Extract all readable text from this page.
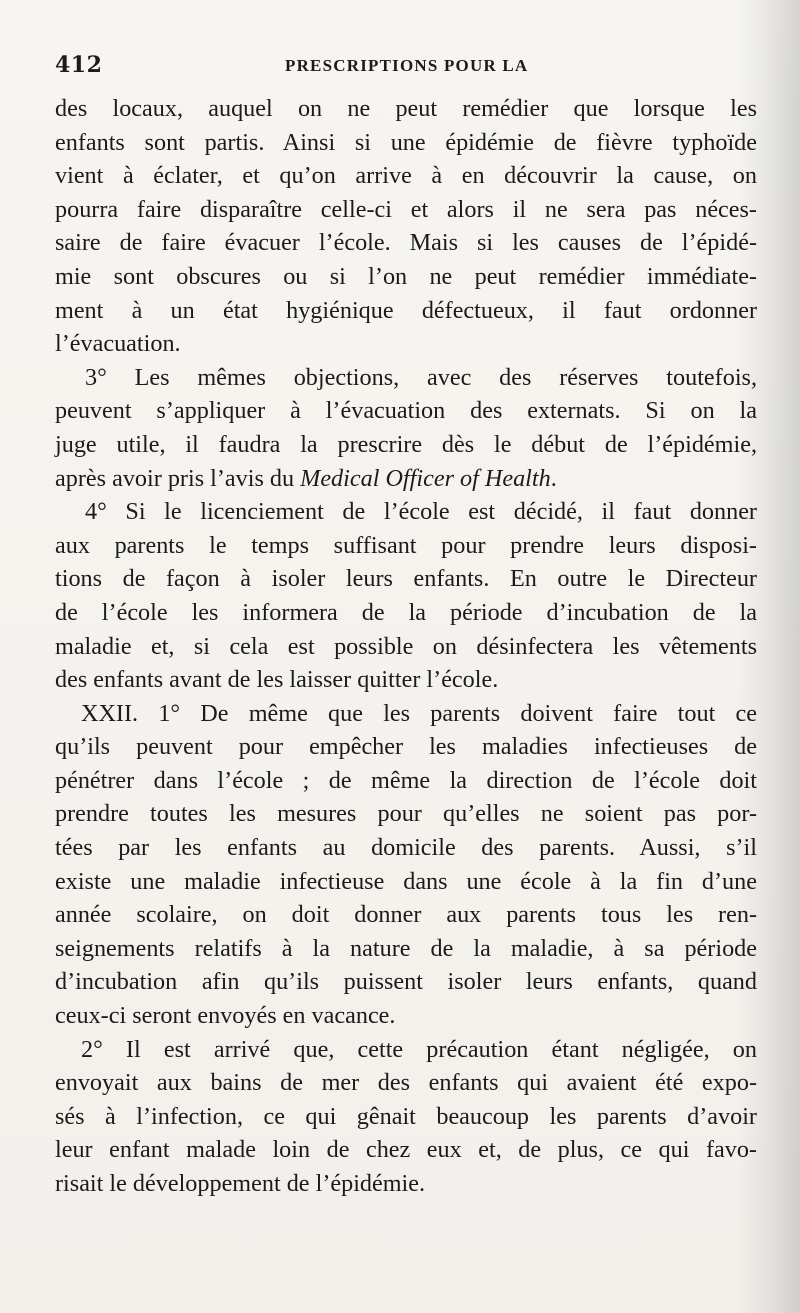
412	PRESCRIPTIONS POUR LA
des locaux, auquel on ne peut remédier que lorsque les
enfants sont partis. Ainsi si une épidémie de fièvre typhoïde
vient à éclater, et qu’on arrive à en découvrir la cause, on
pourra faire disparaître celle-ci et alors il ne sera pas néces-
saire de faire évacuer l’école. Mais si les causes de l’épidé-
mie sont obscures ou si l’on ne peut remédier immédiate-
ment à un état hygiénique défectueux, il faut ordonner
l’évacuation.
3° Les mêmes objections, avec des réserves toutefois,
peuvent s’appliquer à l’évacuation des externats. Si on la
juge utile, il faudra la prescrire dès le début de l’épidémie,
après avoir pris l’avis du Medical Officer of Health.
4° Si le licenciement de l’école est décidé, il faut donner
aux parents le temps suffisant pour prendre leurs disposi-
tions de façon à isoler leurs enfants. En outre le Directeur
de l’école les informera de la période d’incubation de la
maladie et, si cela est possible on désinfectera les vêtements
des enfants avant de les laisser quitter l’école.
XXII. 1° De même que les parents doivent faire tout ce
qu’ils peuvent pour empêcher les maladies infectieuses de
pénétrer dans l’école ; de même la direction de l’école doit
prendre toutes les mesures pour qu’elles ne soient pas por-
tées par les enfants au domicile des parents. Aussi, s’il
existe une maladie infectieuse dans une école à la fin d’une
année scolaire, on doit donner aux parents tous les ren-
seignements relatifs à la nature de la maladie, à sa période
d’incubation afin qu’ils puissent isoler leurs enfants, quand
ceux-ci seront envoyés en vacance.
2° Il est arrivé que, cette précaution étant négligée, on
envoyait aux bains de mer des enfants qui avaient été expo-
sés à l’infection, ce qui gênait beaucoup les parents d’avoir
leur enfant malade loin de chez eux et, de plus, ce qui favo-
risait le développement de l’épidémie.
